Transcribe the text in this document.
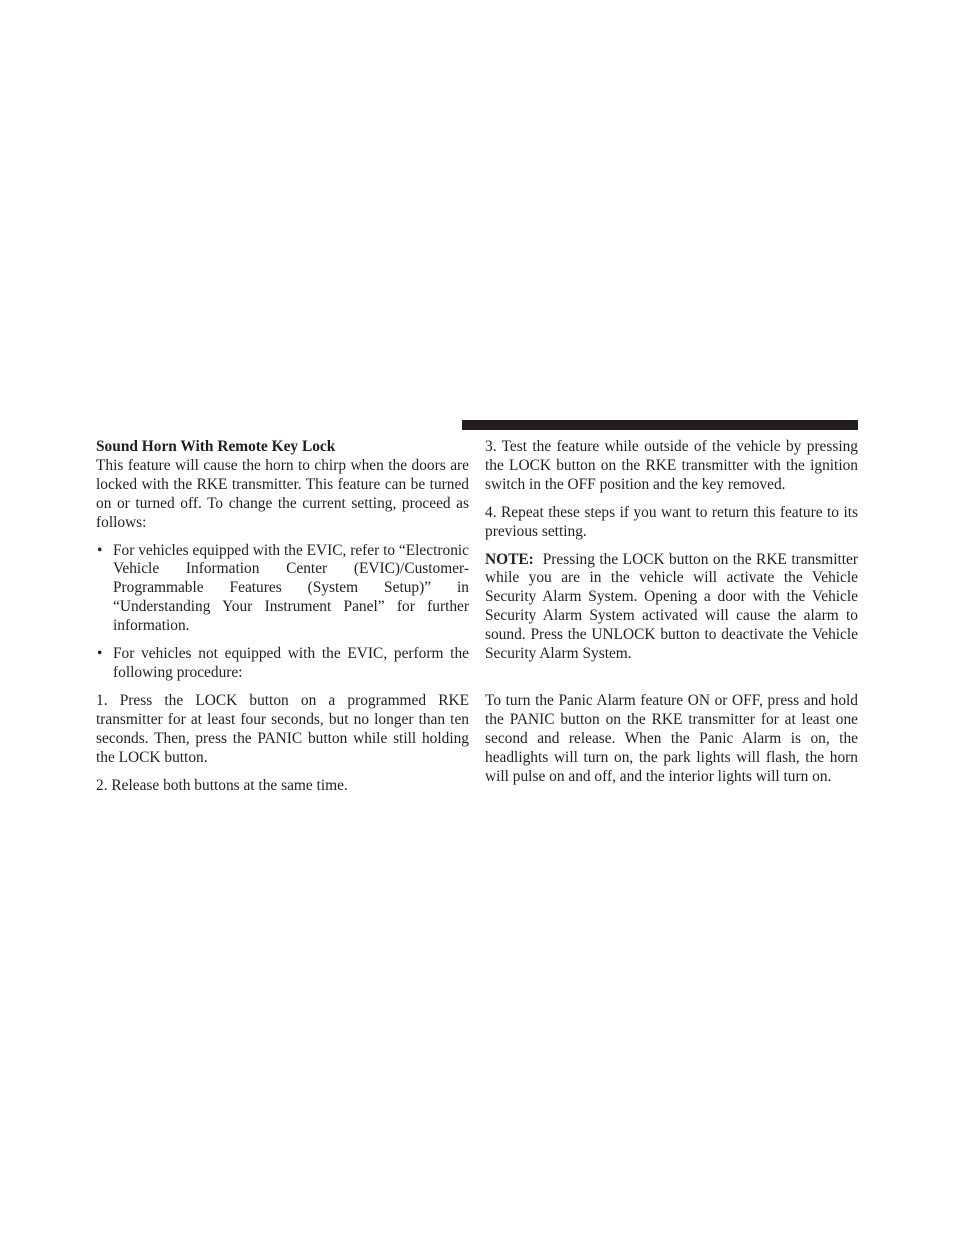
Sound Horn With Remote Key Lock

This feature will cause the horn to chirp when the doors are locked with the RKE transmitter. This feature can be turned on or turned off. To change the current setting, proceed as follows:

• For vehicles equipped with the EVIC, refer to “Electronic Vehicle Information Center (EVIC)/Customer-Programmable Features (System Setup)” in “Understanding Your Instrument Panel” for further information.
• For vehicles not equipped with the EVIC, perform the following procedure:

1. Press the LOCK button on a programmed RKE transmitter for at least four seconds, but no longer than ten seconds. Then, press the PANIC button while still holding the LOCK button.

2. Release both buttons at the same time.

3. Test the feature while outside of the vehicle by pressing the LOCK button on the RKE transmitter with the ignition switch in the OFF position and the key removed.

4. Repeat these steps if you want to return this feature to its previous setting.

NOTE: Pressing the LOCK button on the RKE transmitter while you are in the vehicle will activate the Vehicle Security Alarm System. Opening a door with the Vehicle Security Alarm System activated will cause the alarm to sound. Press the UNLOCK button to deactivate the Vehicle Security Alarm System.

To turn the Panic Alarm feature ON or OFF, press and hold the PANIC button on the RKE transmitter for at least one second and release. When the Panic Alarm is on, the headlights will turn on, the park lights will flash, the horn will pulse on and off, and the interior lights will turn on.
